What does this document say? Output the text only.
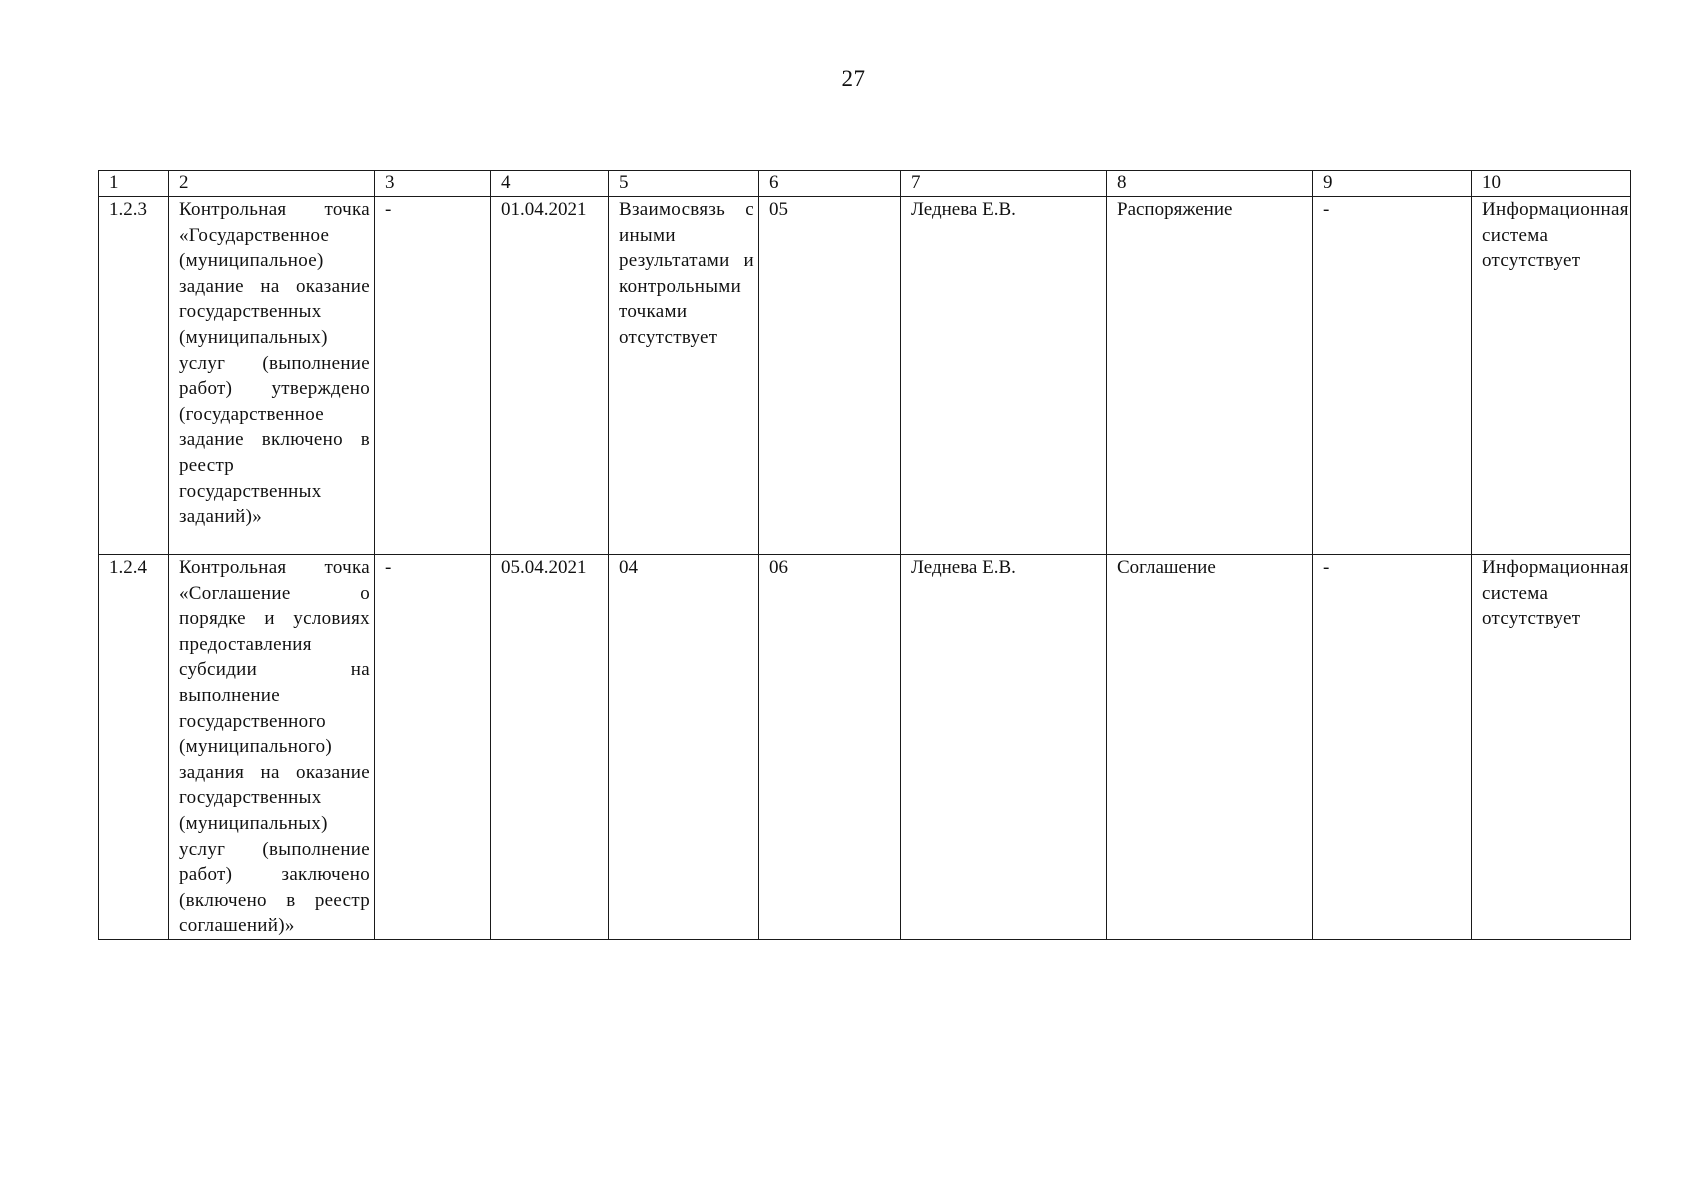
27
1	2	3	4	5	6	7	8	9	10
1.2.3	Контрольная точка «Государственное (муниципальное) задание на оказание государственных (муниципальных) услуг (выполнение работ) утверждено (государственное задание включено в реестр государственных заданий)»	-	01.04.2021	Взаимосвязь с иными результатами и контрольными точками отсутствует	05	Леднева Е.В.	Распоряжение	-	Информационная система отсутствует
1.2.4	Контрольная точка «Соглашение о порядке и условиях предоставления субсидии на выполнение государственного (муниципального) задания на оказание государственных (муниципальных) услуг (выполнение работ) заключено (включено в реестр соглашений)»	-	05.04.2021	04	06	Леднева Е.В.	Соглашение	-	Информационная система отсутствует
